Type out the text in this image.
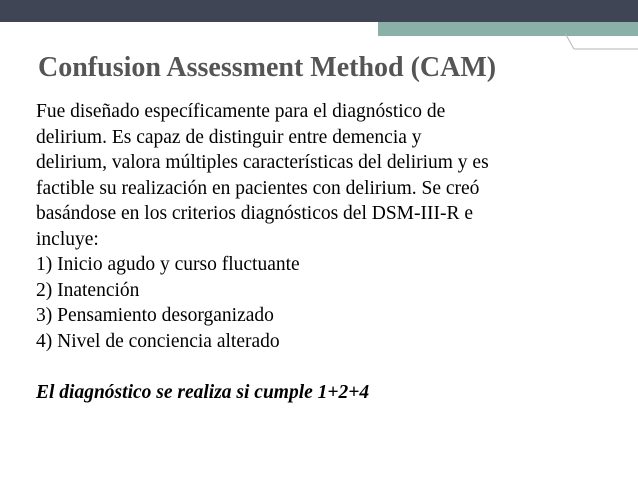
Confusion Assessment Method (CAM)

Fue diseñado específicamente para el diagnóstico de

delirium. Es capaz de distinguir entre demencia y

delirium, valora múltiples características del delirium y es

factible su realización en pacientes con delirium. Se creó

basándose en los criterios diagnósticos del DSM-III-R e

incluye:

1) Inicio agudo y curso fluctuante
2) Inatención
3) Pensamiento desorganizado
4) Nivel de conciencia alterado

El diagnóstico se realiza si cumple 1+2+4
